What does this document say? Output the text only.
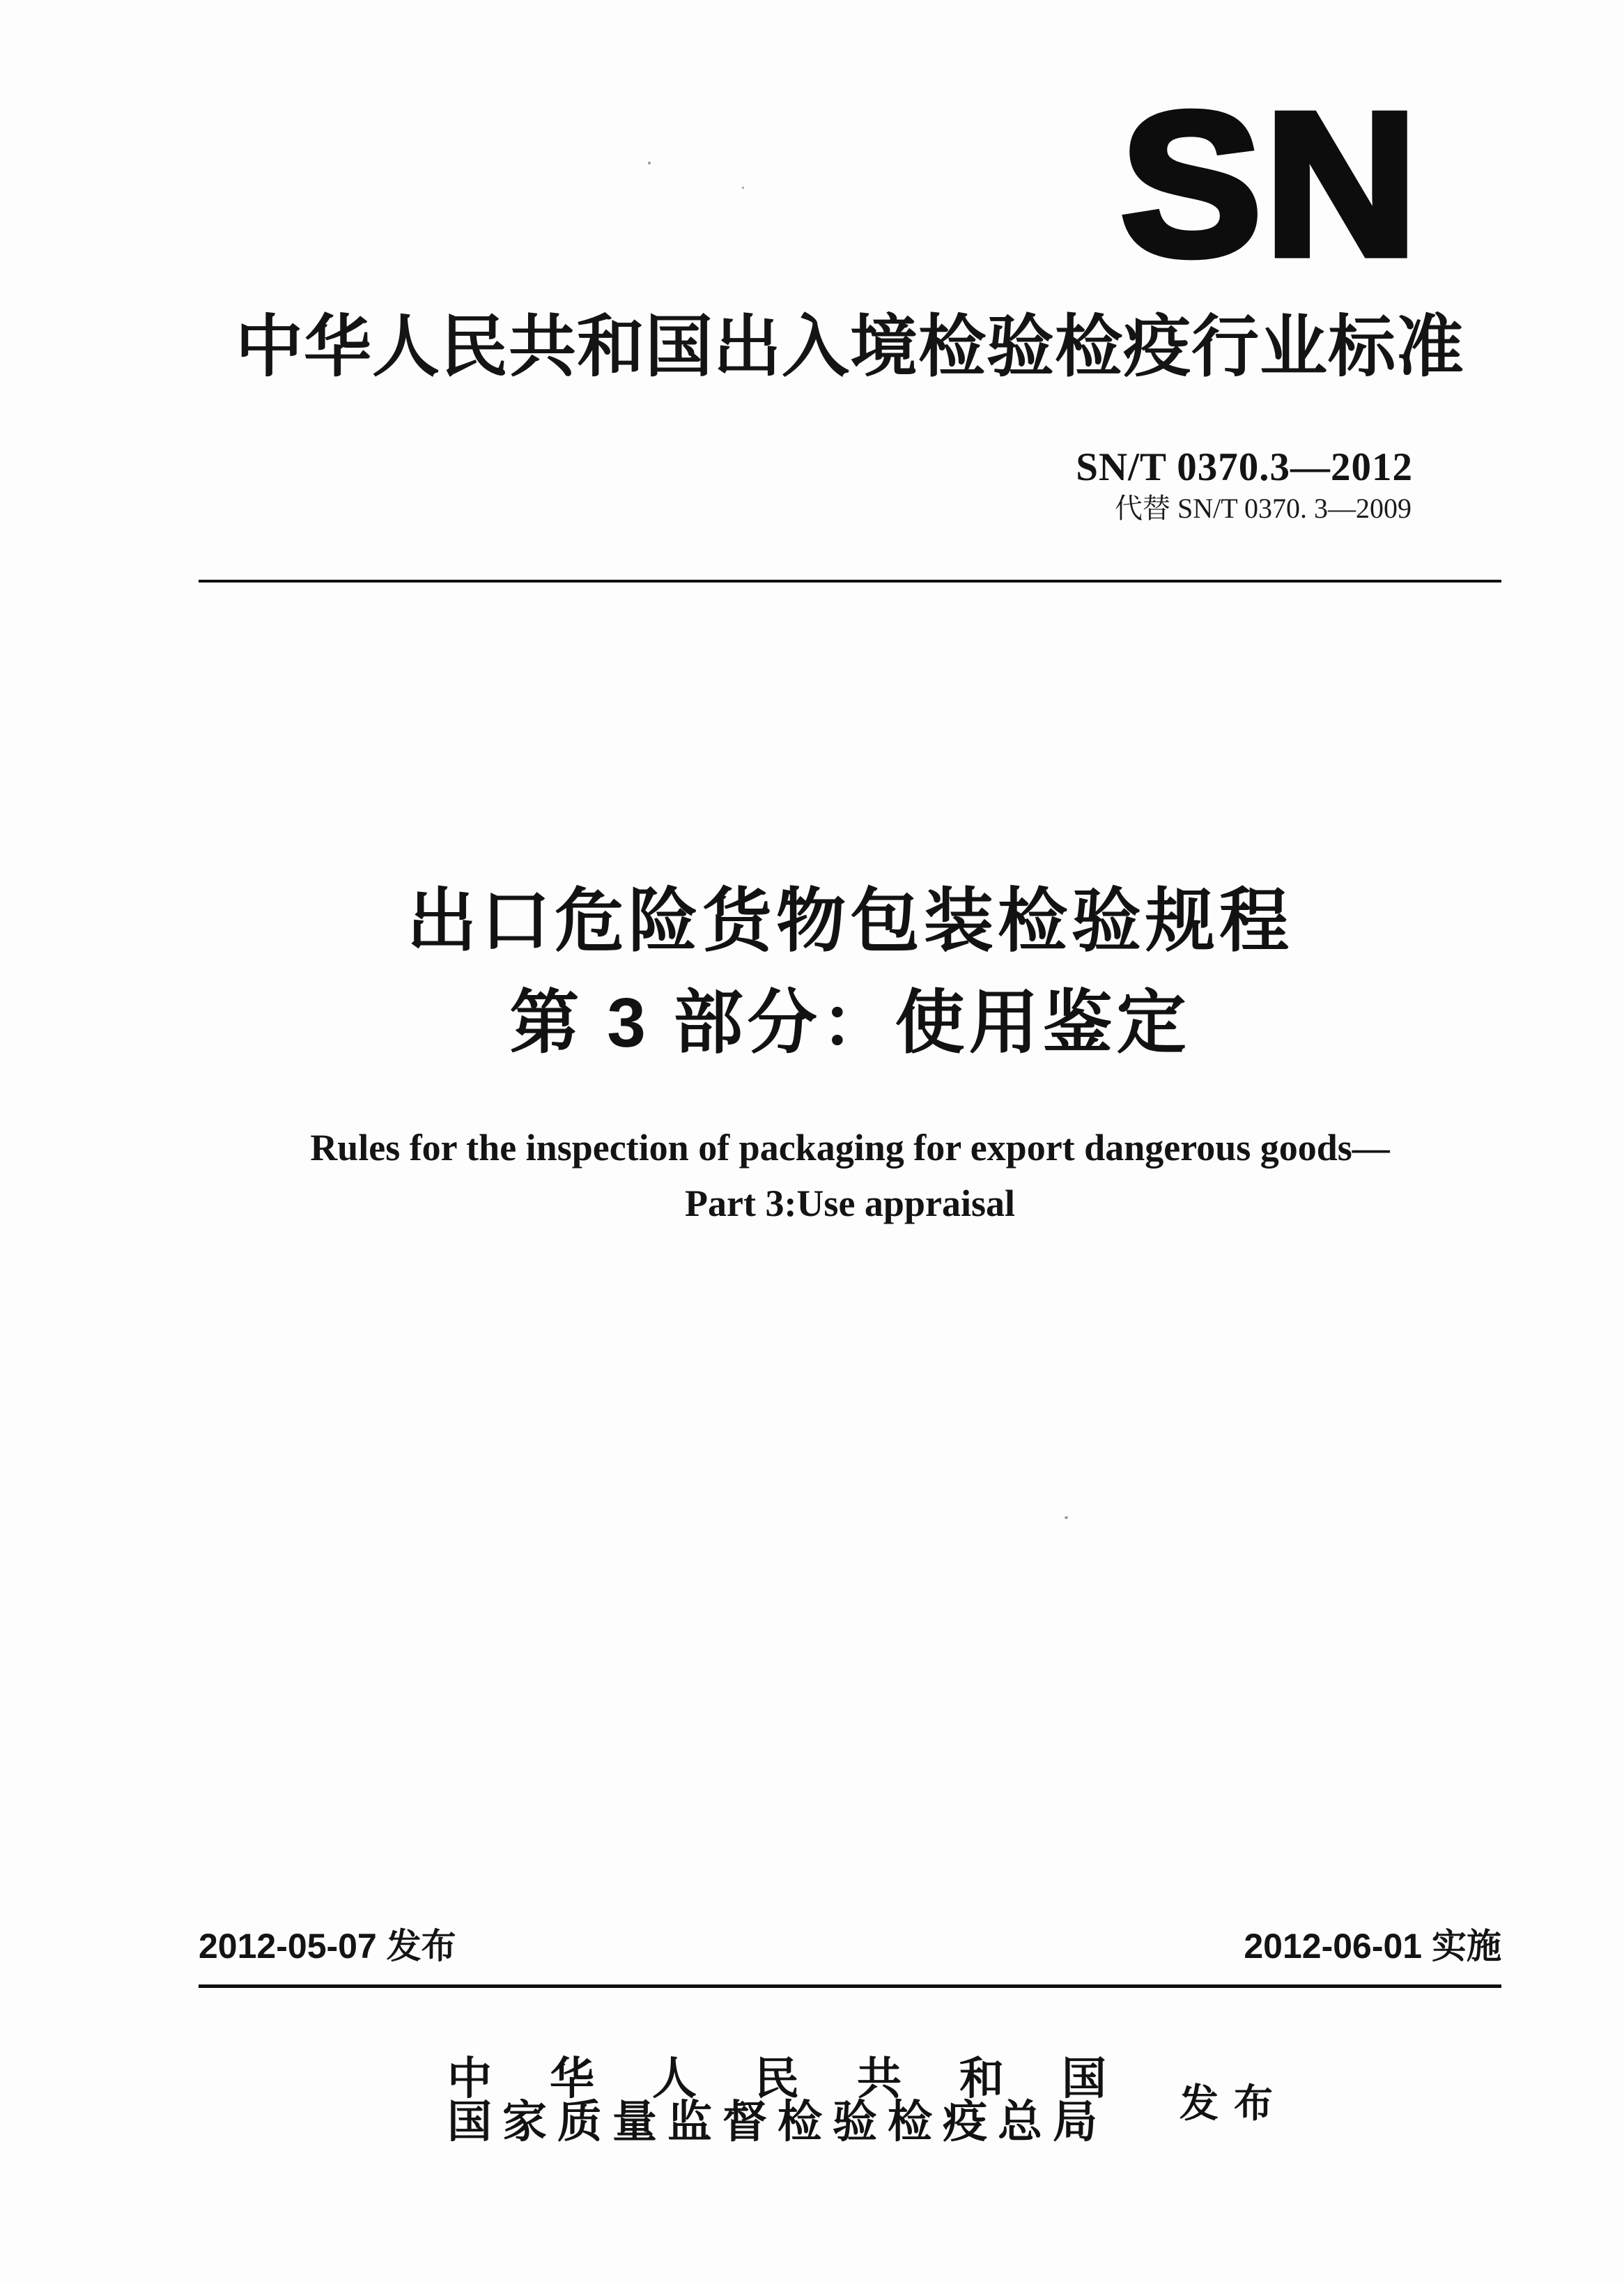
SN
中华人民共和国出入境检验检疫行业标准
SN/T 0370.3—2012
代替 SN/T 0370. 3—2009
出口危险货物包装检验规程
第 3 部分：使用鉴定
Rules for the inspection of packaging for export dangerous goods—
Part 3:Use appraisal
2012-05-07 发布	2012-06-01 实施
中华人民共和国
国家质量监督检验检疫总局 发布
